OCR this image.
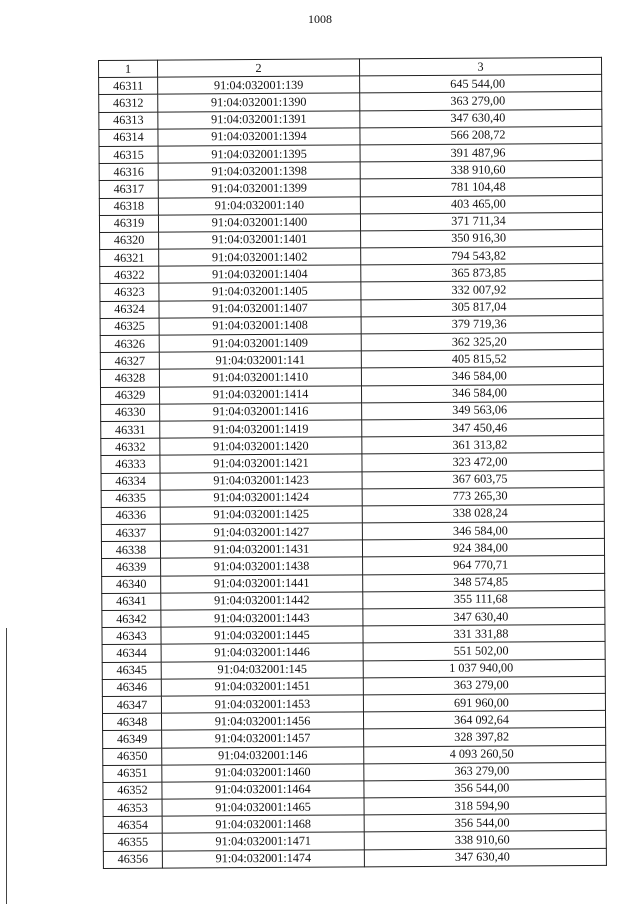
1008
1	2	3
46311	91:04:032001:139	645 544,00
46312	91:04:032001:1390	363 279,00
46313	91:04:032001:1391	347 630,40
46314	91:04:032001:1394	566 208,72
46315	91:04:032001:1395	391 487,96
46316	91:04:032001:1398	338 910,60
46317	91:04:032001:1399	781 104,48
46318	91:04:032001:140	403 465,00
46319	91:04:032001:1400	371 711,34
46320	91:04:032001:1401	350 916,30
46321	91:04:032001:1402	794 543,82
46322	91:04:032001:1404	365 873,85
46323	91:04:032001:1405	332 007,92
46324	91:04:032001:1407	305 817,04
46325	91:04:032001:1408	379 719,36
46326	91:04:032001:1409	362 325,20
46327	91:04:032001:141	405 815,52
46328	91:04:032001:1410	346 584,00
46329	91:04:032001:1414	346 584,00
46330	91:04:032001:1416	349 563,06
46331	91:04:032001:1419	347 450,46
46332	91:04:032001:1420	361 313,82
46333	91:04:032001:1421	323 472,00
46334	91:04:032001:1423	367 603,75
46335	91:04:032001:1424	773 265,30
46336	91:04:032001:1425	338 028,24
46337	91:04:032001:1427	346 584,00
46338	91:04:032001:1431	924 384,00
46339	91:04:032001:1438	964 770,71
46340	91:04:032001:1441	348 574,85
46341	91:04:032001:1442	355 111,68
46342	91:04:032001:1443	347 630,40
46343	91:04:032001:1445	331 331,88
46344	91:04:032001:1446	551 502,00
46345	91:04:032001:145	1 037 940,00
46346	91:04:032001:1451	363 279,00
46347	91:04:032001:1453	691 960,00
46348	91:04:032001:1456	364 092,64
46349	91:04:032001:1457	328 397,82
46350	91:04:032001:146	4 093 260,50
46351	91:04:032001:1460	363 279,00
46352	91:04:032001:1464	356 544,00
46353	91:04:032001:1465	318 594,90
46354	91:04:032001:1468	356 544,00
46355	91:04:032001:1471	338 910,60
46356	91:04:032001:1474	347 630,40
